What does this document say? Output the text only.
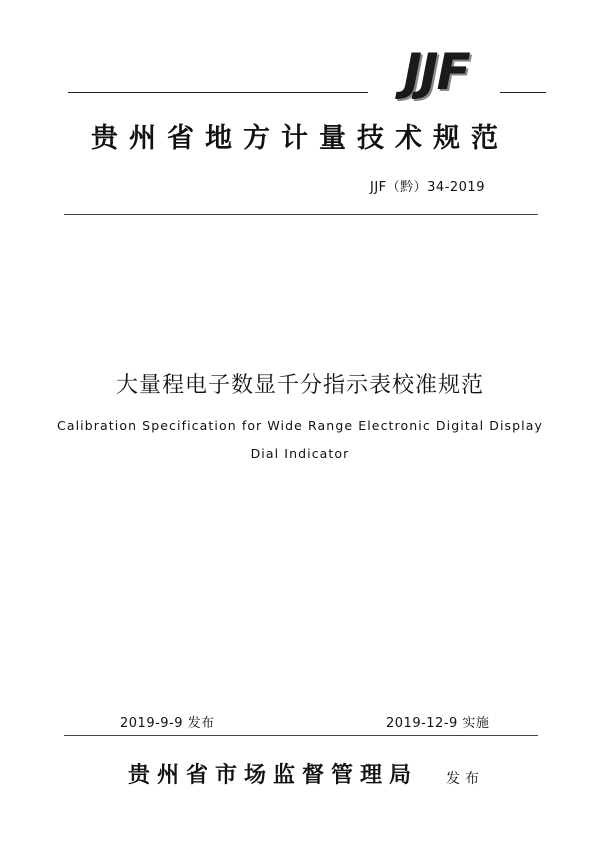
JJF
贵州省地方计量技术规范
JJF（黔）34-2019
大量程电子数显千分指示表校准规范
Calibration Specification for Wide Range Electronic Digital Display
Dial Indicator
2019-9-9 发布	2019-12-9 实施
贵州省市场监督管理局 发布
